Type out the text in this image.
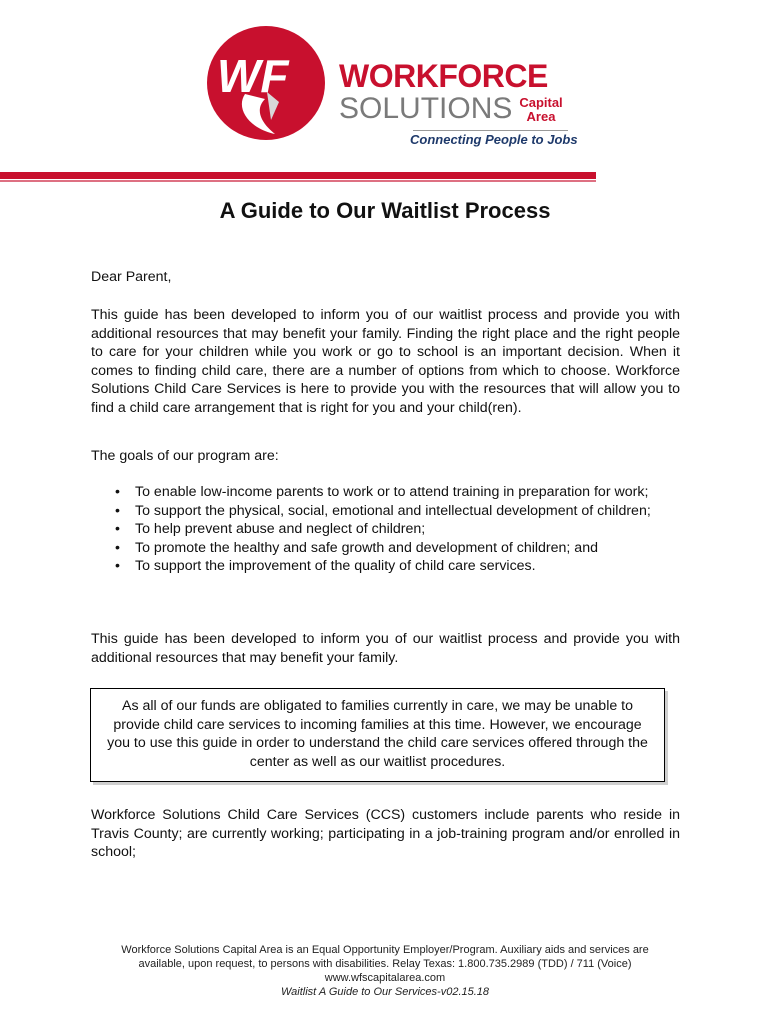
WF WORKFORCE
SOLUTIONS Capital
Area
Connecting People to Jobs
A Guide to Our Waitlist Process

Dear Parent,

This guide has been developed to inform you of our waitlist process and provide you with additional resources that may benefit your family. Finding the right place and the right people to care for your children while you work or go to school is an important decision. When it comes to finding child care, there are a number of options from which to choose. Workforce Solutions Child Care Services is here to provide you with the resources that will allow you to find a child care arrangement that is right for you and your child(ren).

The goals of our program are:

• To enable low-income parents to work or to attend training in preparation for work;
• To support the physical, social, emotional and intellectual development of children;
• To help prevent abuse and neglect of children;
• To promote the healthy and safe growth and development of children; and
• To support the improvement of the quality of child care services.

This guide has been developed to inform you of our waitlist process and provide you with additional resources that may benefit your family.

As all of our funds are obligated to families currently in care, we may be unable to provide child care services to incoming families at this time. However, we encourage you to use this guide in order to understand the child care services offered through the center as well as our waitlist procedures.

Workforce Solutions Child Care Services (CCS) customers include parents who reside in Travis County; are currently working; participating in a job-training program and/or enrolled in school;

Workforce Solutions Capital Area is an Equal Opportunity Employer/Program. Auxiliary aids and services are
available, upon request, to persons with disabilities. Relay Texas: 1.800.735.2989 (TDD) / 711 (Voice)
www.wfscapitalarea.com
Waitlist A Guide to Our Services-v02.15.18
